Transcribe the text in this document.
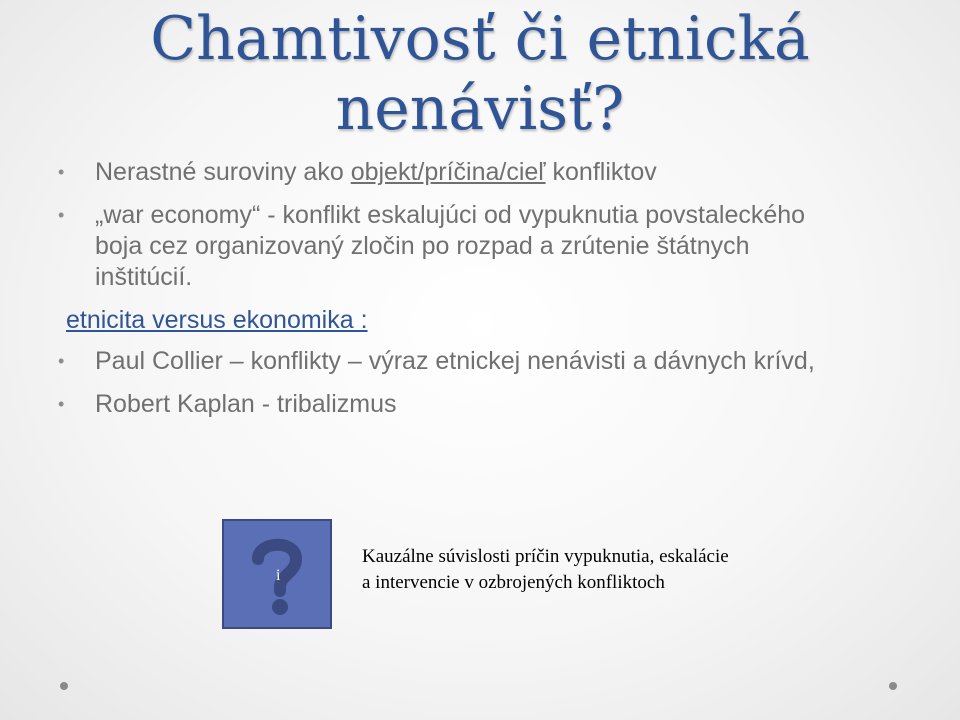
Chamtivosť či etnická
nenávisť?
• Nerastné suroviny ako objekt/príčina/cieľ konfliktov
• „war economy“ - konflikt eskalujúci od vypuknutia povstaleckého boja cez organizovaný zločin po rozpad a zrútenie štátnych inštitúcií.
etnicita versus ekonomika :
• Paul Collier – konflikty – výraz etnickej nenávisti a dávnych krívd,
• Robert Kaplan - tribalizmus
i
Kauzálne súvislosti príčin vypuknutia, eskalácie
a intervencie v ozbrojených konfliktoch
